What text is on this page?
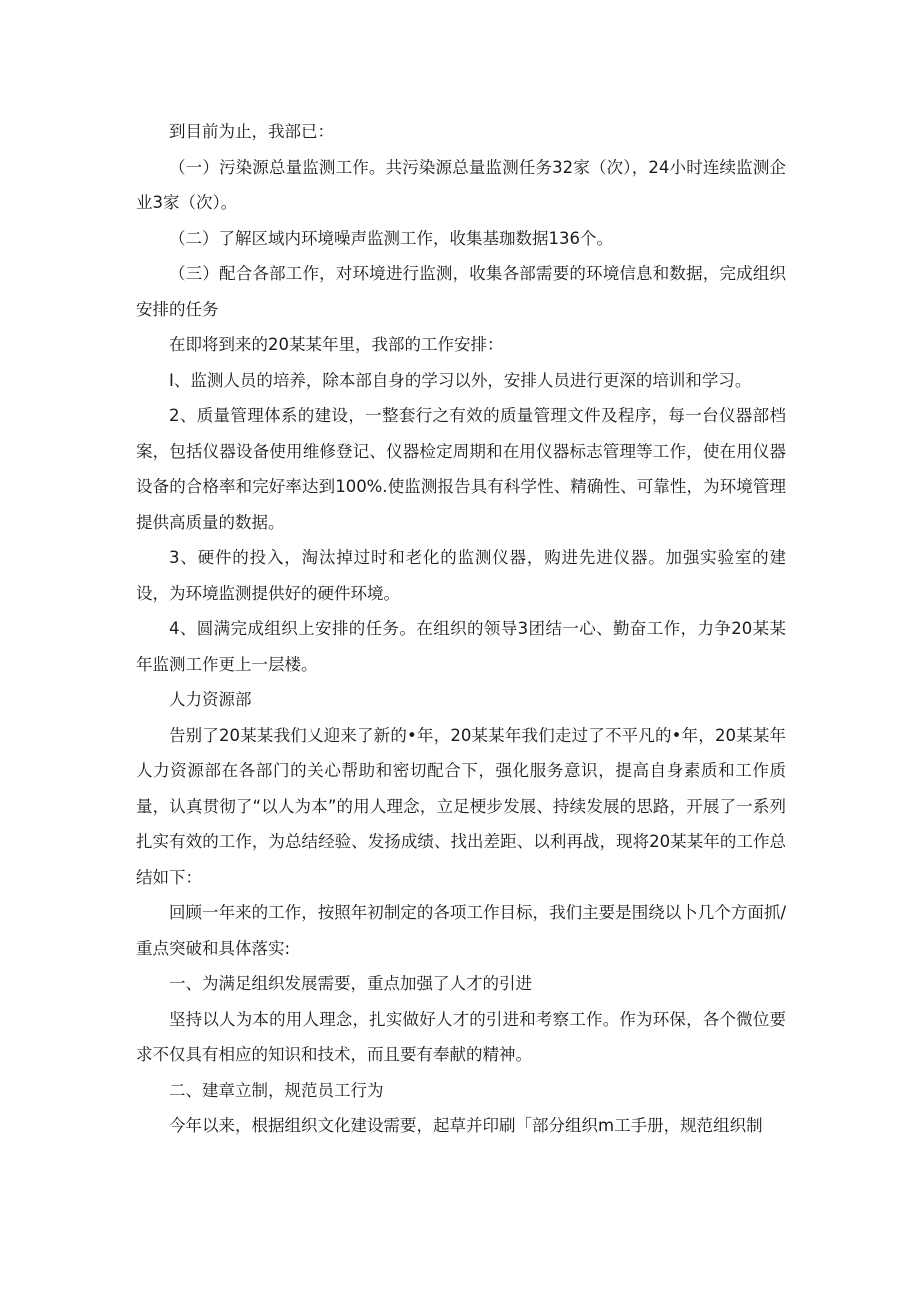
到目前为止，我部已：

（一）污染源总量监测工作。共污染源总量监测任务32家（次），24小时连续监测企业3家（次）。

（二）了解区域内环境噪声监测工作，收集基珈数据136个。

（三）配合各部工作，对环境进行监测，收集各部需要的环境信息和数据，完成组织安排的任务

在即将到来的20某某年里，我部的工作安排：

I、监测人员的培养，除本部自身的学习以外，安排人员进行更深的培训和学习。

2、质量管理体系的建设，一整套行之有效的质量管理文件及程序，每一台仪器部档案，包括仪器设备使用维修登记、仪器检定周期和在用仪器标志管理等工作，使在用仪器设备的合格率和完好率达到100%.使监测报告具有科学性、精确性、可靠性，为环境管理提供高质量的数据。

3、硬件的投入，淘汰掉过时和老化的监测仪器，购进先进仪器。加强实验室的建设，为环境监测提供好的硬件环境。

4、圆满完成组织上安排的任务。在组织的领导3团结一心、勤奋工作，力争20某某年监测工作更上一层楼。

人力资源部

告别了20某某我们乂迎来了新的•年，20某某年我们走过了不平凡的•年，20某某年人力资源部在各部门的关心帮助和密切配合下，强化服务意识，提高自身素质和工作质量，认真贯彻了“以人为本”的用人理念，立足梗步发展、持续发展的思路，开展了一系列扎实有效的工作，为总结经验、发扬成绩、找出差距、以利再战，现将20某某年的工作总结如下：

回顾一年来的工作，按照年初制定的各项工作目标，我们主要是围绕以卜几个方面抓/重点突破和具体落实:

一、为满足组织发展需要，重点加强了人才的引进

坚持以人为本的用人理念，扎实做好人才的引进和考察工作。作为环保，各个微位要求不仅具有相应的知识和技术，而且要有奉献的精神。

二、建章立制，规范员工行为

今年以来，根据组织文化建设需要，起草并印刷「部分组织m工手册，规范组织制
